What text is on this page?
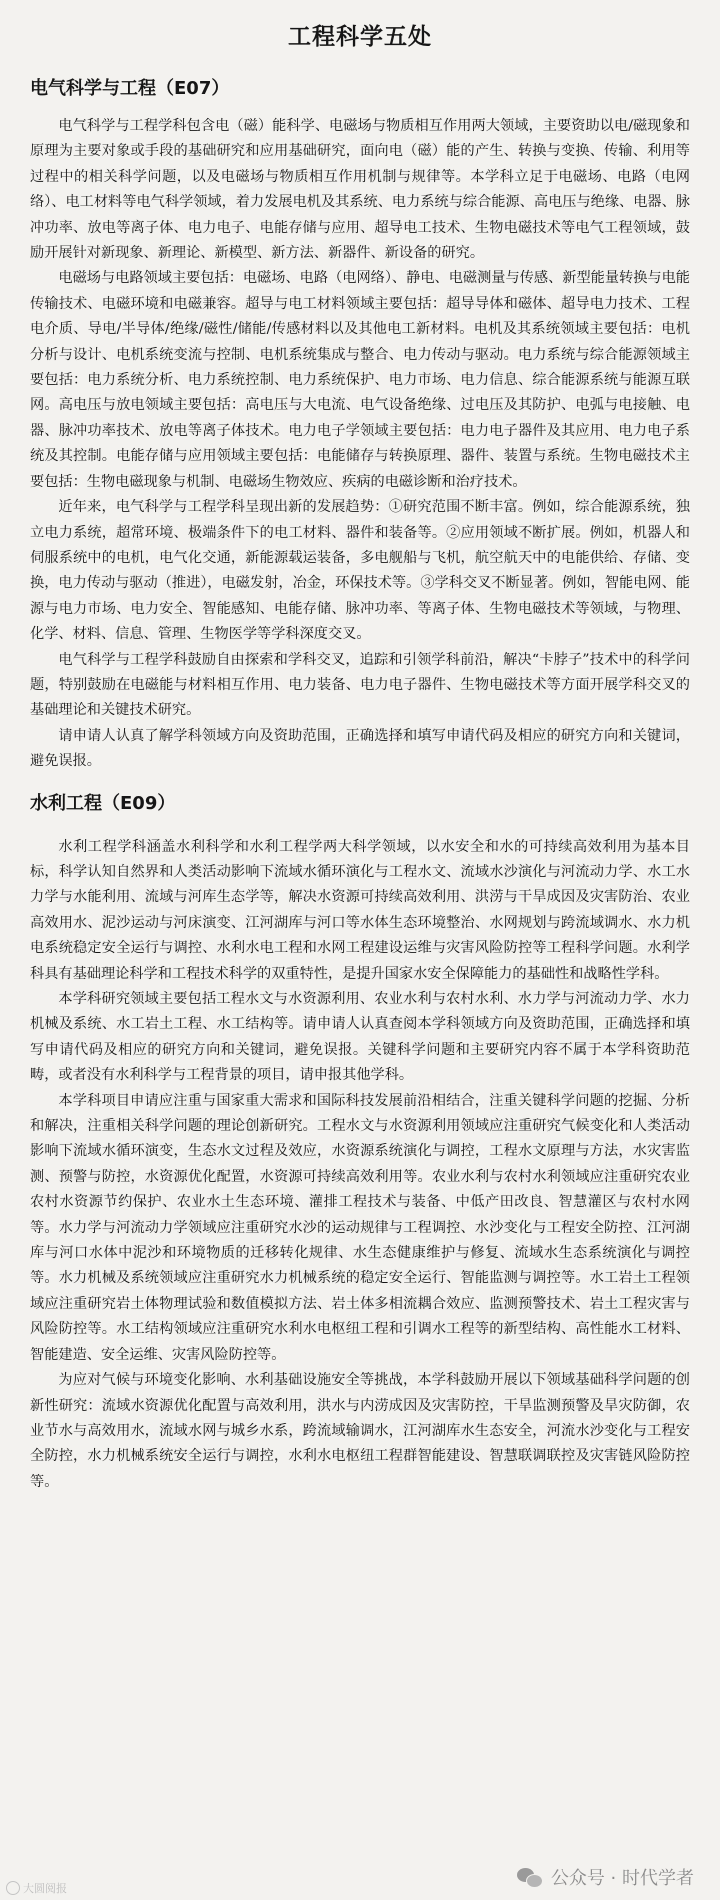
工程科学五处
电气科学与工程（E07）

电气科学与工程学科包含电（磁）能科学、电磁场与物质相互作用两大领域，主要资助以电/磁现象和原理为主要对象或手段的基础研究和应用基础研究，面向电（磁）能的产生、转换与变换、传输、利用等过程中的相关科学问题，以及电磁场与物质相互作用机制与规律等。本学科立足于电磁场、电路（电网络）、电工材料等电气科学领域，着力发展电机及其系统、电力系统与综合能源、高电压与绝缘、电器、脉冲功率、放电等离子体、电力电子、电能存储与应用、超导电工技术、生物电磁技术等电气工程领域，鼓励开展针对新现象、新理论、新模型、新方法、新器件、新设备的研究。

电磁场与电路领域主要包括：电磁场、电路（电网络）、静电、电磁测量与传感、新型能量转换与电能传输技术、电磁环境和电磁兼容。超导与电工材料领域主要包括：超导导体和磁体、超导电力技术、工程电介质、导电/半导体/绝缘/磁性/储能/传感材料以及其他电工新材料。电机及其系统领域主要包括：电机分析与设计、电机系统变流与控制、电机系统集成与整合、电力传动与驱动。电力系统与综合能源领域主要包括：电力系统分析、电力系统控制、电力系统保护、电力市场、电力信息、综合能源系统与能源互联网。高电压与放电领域主要包括：高电压与大电流、电气设备绝缘、过电压及其防护、电弧与电接触、电器、脉冲功率技术、放电等离子体技术。电力电子学领域主要包括：电力电子器件及其应用、电力电子系统及其控制。电能存储与应用领域主要包括：电能储存与转换原理、器件、装置与系统。生物电磁技术主要包括：生物电磁现象与机制、电磁场生物效应、疾病的电磁诊断和治疗技术。

近年来，电气科学与工程学科呈现出新的发展趋势：①研究范围不断丰富。例如，综合能源系统，独立电力系统，超常环境、极端条件下的电工材料、器件和装备等。②应用领域不断扩展。例如，机器人和伺服系统中的电机，电气化交通，新能源载运装备，多电舰船与飞机，航空航天中的电能供给、存储、变换，电力传动与驱动（推进），电磁发射，冶金，环保技术等。③学科交叉不断显著。例如，智能电网、能源与电力市场、电力安全、智能感知、电能存储、脉冲功率、等离子体、生物电磁技术等领域，与物理、化学、材料、信息、管理、生物医学等学科深度交叉。

电气科学与工程学科鼓励自由探索和学科交叉，追踪和引领学科前沿，解决“卡脖子”技术中的科学问题，特别鼓励在电磁能与材料相互作用、电力装备、电力电子器件、生物电磁技术等方面开展学科交叉的基础理论和关键技术研究。

请申请人认真了解学科领域方向及资助范围，正确选择和填写申请代码及相应的研究方向和关键词，避免误报。

水利工程（E09）

水利工程学科涵盖水利科学和水利工程学两大科学领域，以水安全和水的可持续高效利用为基本目标，科学认知自然界和人类活动影响下流域水循环演化与工程水文、流域水沙演化与河流动力学、水工水力学与水能利用、流域与河库生态学等，解决水资源可持续高效利用、洪涝与干旱成因及灾害防治、农业高效用水、泥沙运动与河床演变、江河湖库与河口等水体生态环境整治、水网规划与跨流域调水、水力机电系统稳定安全运行与调控、水利水电工程和水网工程建设运维与灾害风险防控等工程科学问题。水利学科具有基础理论科学和工程技术科学的双重特性，是提升国家水安全保障能力的基础性和战略性学科。

本学科研究领域主要包括工程水文与水资源利用、农业水利与农村水利、水力学与河流动力学、水力机械及系统、水工岩土工程、水工结构等。请申请人认真查阅本学科领域方向及资助范围，正确选择和填写申请代码及相应的研究方向和关键词，避免误报。关键科学问题和主要研究内容不属于本学科资助范畴，或者没有水利科学与工程背景的项目，请申报其他学科。

本学科项目申请应注重与国家重大需求和国际科技发展前沿相结合，注重关键科学问题的挖掘、分析和解决，注重相关科学问题的理论创新研究。工程水文与水资源利用领域应注重研究气候变化和人类活动影响下流域水循环演变，生态水文过程及效应，水资源系统演化与调控，工程水文原理与方法，水灾害监测、预警与防控，水资源优化配置，水资源可持续高效利用等。农业水利与农村水利领域应注重研究农业农村水资源节约保护、农业水土生态环境、灌排工程技术与装备、中低产田改良、智慧灌区与农村水网等。水力学与河流动力学领域应注重研究水沙的运动规律与工程调控、水沙变化与工程安全防控、江河湖库与河口水体中泥沙和环境物质的迁移转化规律、水生态健康维护与修复、流域水生态系统演化与调控等。水力机械及系统领域应注重研究水力机械系统的稳定安全运行、智能监测与调控等。水工岩土工程领域应注重研究岩土体物理试验和数值模拟方法、岩土体多相流耦合效应、监测预警技术、岩土工程灾害与风险防控等。水工结构领域应注重研究水利水电枢纽工程和引调水工程等的新型结构、高性能水工材料、智能建造、安全运维、灾害风险防控等。

为应对气候与环境变化影响、水利基础设施安全等挑战，本学科鼓励开展以下领域基础科学问题的创新性研究：流域水资源优化配置与高效利用，洪水与内涝成因及灾害防控，干旱监测预警及旱灾防御，农业节水与高效用水，流域水网与城乡水系，跨流域输调水，江河湖库水生态安全，河流水沙变化与工程安全防控，水力机械系统安全运行与调控，水利水电枢纽工程群智能建设、智慧联调联控及灾害链风险防控等。

大圆阅报	公众号 · 时代学者
